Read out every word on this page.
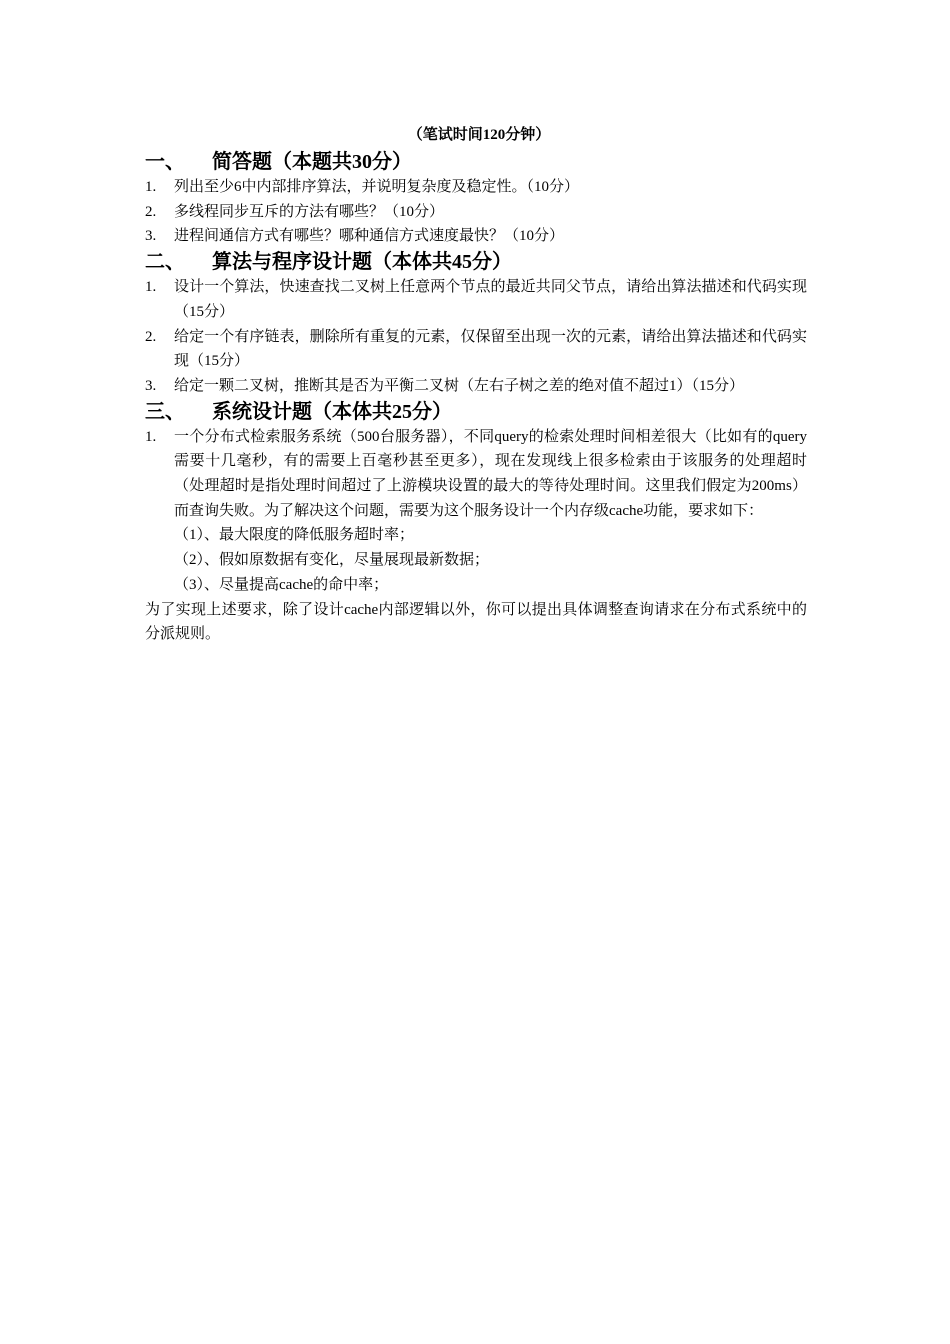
（笔试时间120分钟）
一、	简答题（本题共30分）
1.	列出至少6中内部排序算法，并说明复杂度及稳定性。（10分）
2.	多线程同步互斥的方法有哪些？（10分）
3.	进程间通信方式有哪些？哪种通信方式速度最快？（10分）
二、	算法与程序设计题（本体共45分）
1.	设计一个算法，快速查找二叉树上任意两个节点的最近共同父节点，请给出算法描述和代码实现（15分）
2.	给定一个有序链表，删除所有重复的元素，仅保留至出现一次的元素，请给出算法描述和代码实现（15分）
3.	给定一颗二叉树，推断其是否为平衡二叉树（左右子树之差的绝对值不超过1）（15分）
三、	系统设计题（本体共25分）
1.	一个分布式检索服务系统（500台服务器），不同query的检索处理时间相差很大（比如有的query需要十几毫秒，有的需要上百毫秒甚至更多），现在发现线上很多检索由于该服务的处理超时（处理超时是指处理时间超过了上游模块设置的最大的等待处理时间。这里我们假定为200ms）而查询失败。为了解决这个问题，需要为这个服务设计一个内存级cache功能，要求如下：
（1）、最大限度的降低服务超时率；
（2）、假如原数据有变化，尽量展现最新数据；
（3）、尽量提高cache的命中率；

为了实现上述要求，除了设计cache内部逻辑以外，你可以提出具体调整查询请求在分布式系统中的分派规则。
